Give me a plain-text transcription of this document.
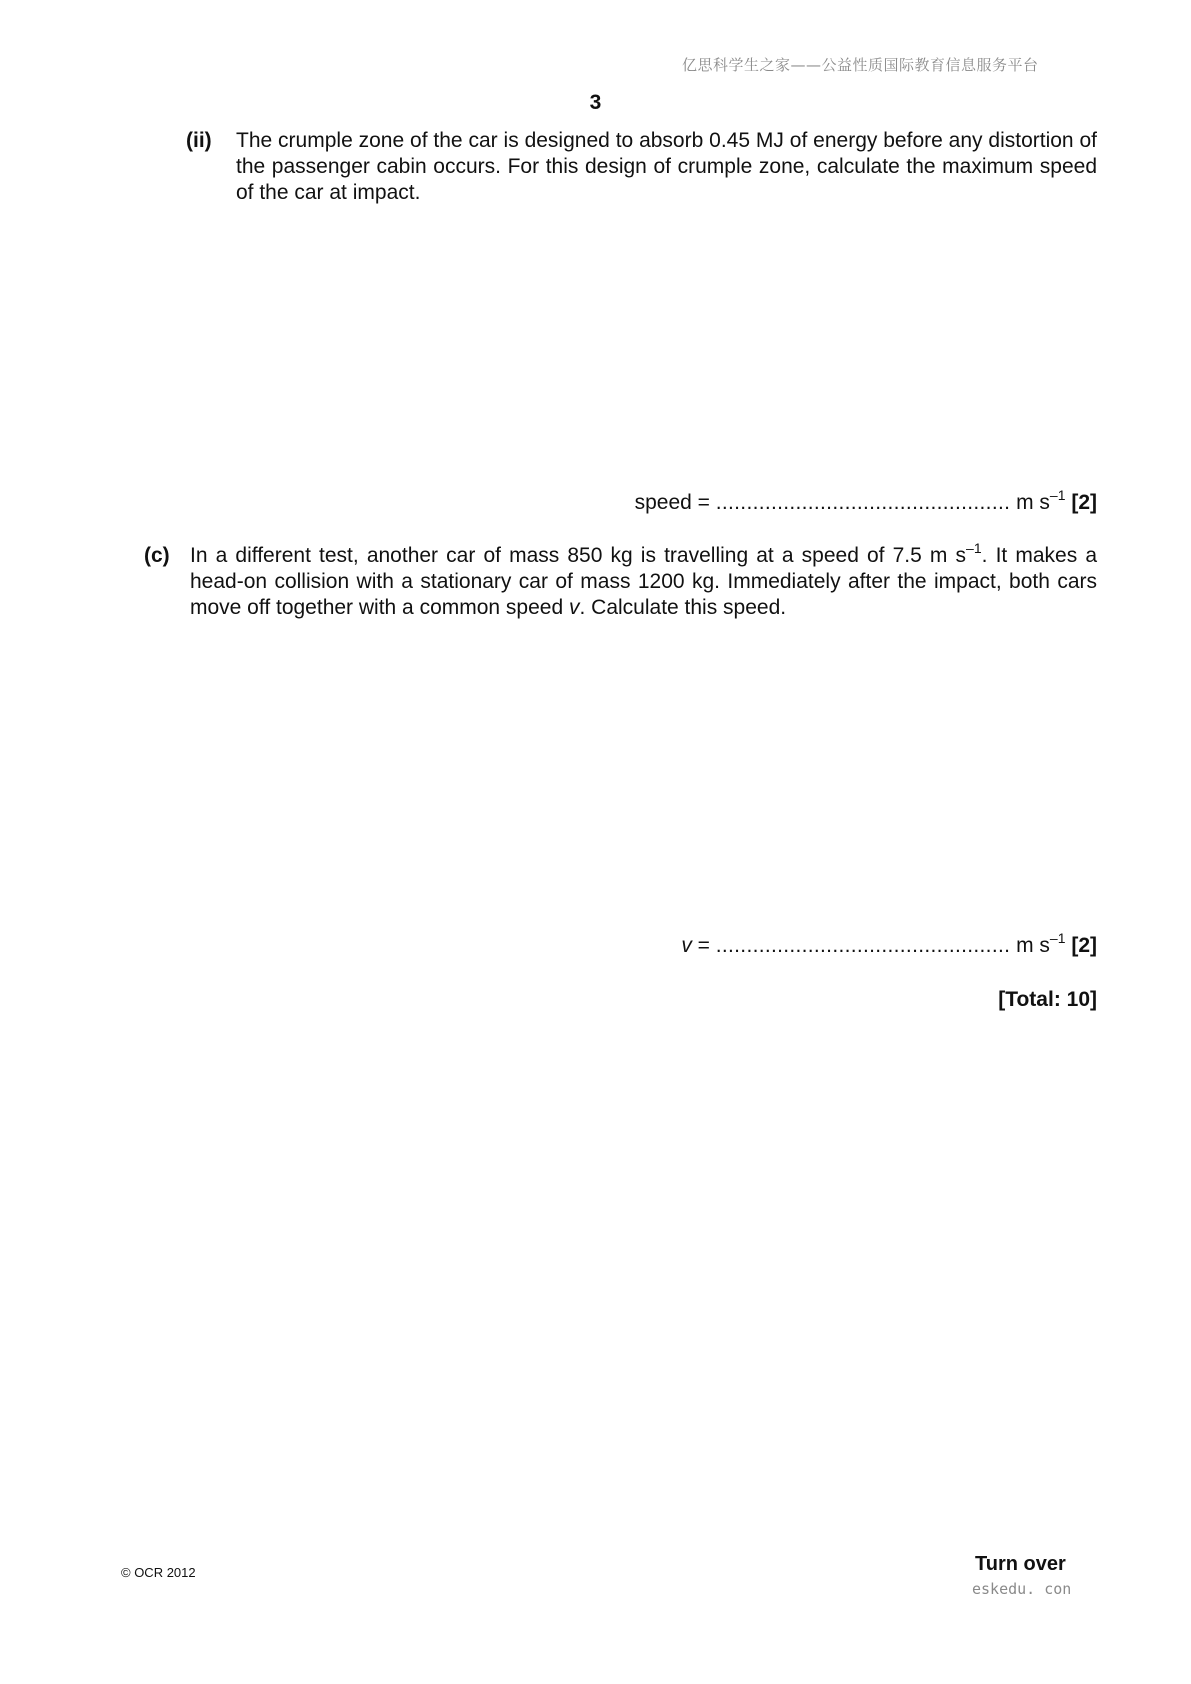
亿思科学生之家——公益性质国际教育信息服务平台
3
(ii) The crumple zone of the car is designed to absorb 0.45 MJ of energy before any distortion of the passenger cabin occurs. For this design of crumple zone, calculate the maximum speed of the car at impact.
speed = ................................................ m $s^{-1}$ [2]
(c) In a different test, another car of mass 850 kg is travelling at a speed of 7.5 m $s^{-1}$. It makes a head-on collision with a stationary car of mass 1200 kg. Immediately after the impact, both cars move off together with a common speed v. Calculate this speed.
v = ................................................ m $s^{-1}$ [2]
[Total: 10]
© OCR 2012	Turn over
eskedu. con
